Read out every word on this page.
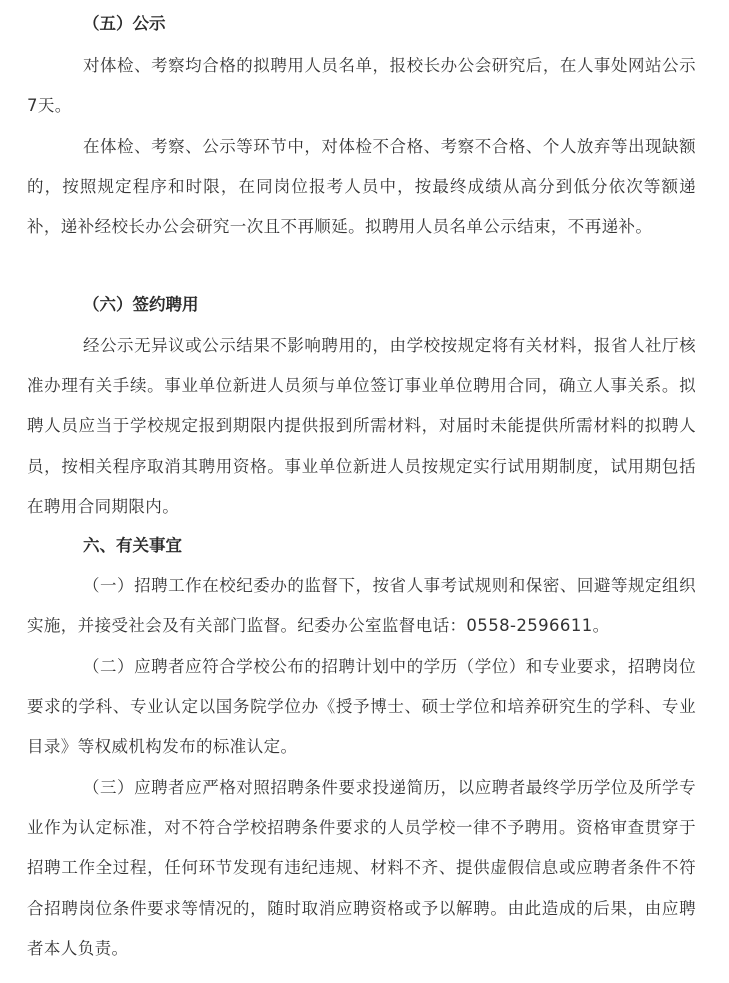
（五）公示

对体检、考察均合格的拟聘用人员名单，报校长办公会研究后，在人事处网站公示7天。

在体检、考察、公示等环节中，对体检不合格、考察不合格、个人放弃等出现缺额的，按照规定程序和时限，在同岗位报考人员中，按最终成绩从高分到低分依次等额递补，递补经校长办公会研究一次且不再顺延。拟聘用人员名单公示结束，不再递补。

（六）签约聘用

经公示无异议或公示结果不影响聘用的，由学校按规定将有关材料，报省人社厅核准办理有关手续。事业单位新进人员须与单位签订事业单位聘用合同，确立人事关系。拟聘人员应当于学校规定报到期限内提供报到所需材料，对届时未能提供所需材料的拟聘人员，按相关程序取消其聘用资格。事业单位新进人员按规定实行试用期制度，试用期包括在聘用合同期限内。

六、有关事宜

（一）招聘工作在校纪委办的监督下，按省人事考试规则和保密、回避等规定组织实施，并接受社会及有关部门监督。纪委办公室监督电话：0558-2596611。

（二）应聘者应符合学校公布的招聘计划中的学历（学位）和专业要求，招聘岗位要求的学科、专业认定以国务院学位办《授予博士、硕士学位和培养研究生的学科、专业目录》等权威机构发布的标准认定。

（三）应聘者应严格对照招聘条件要求投递简历，以应聘者最终学历学位及所学专业作为认定标准，对不符合学校招聘条件要求的人员学校一律不予聘用。资格审查贯穿于招聘工作全过程，任何环节发现有违纪违规、材料不齐、提供虚假信息或应聘者条件不符合招聘岗位条件要求等情况的，随时取消应聘资格或予以解聘。由此造成的后果，由应聘者本人负责。
